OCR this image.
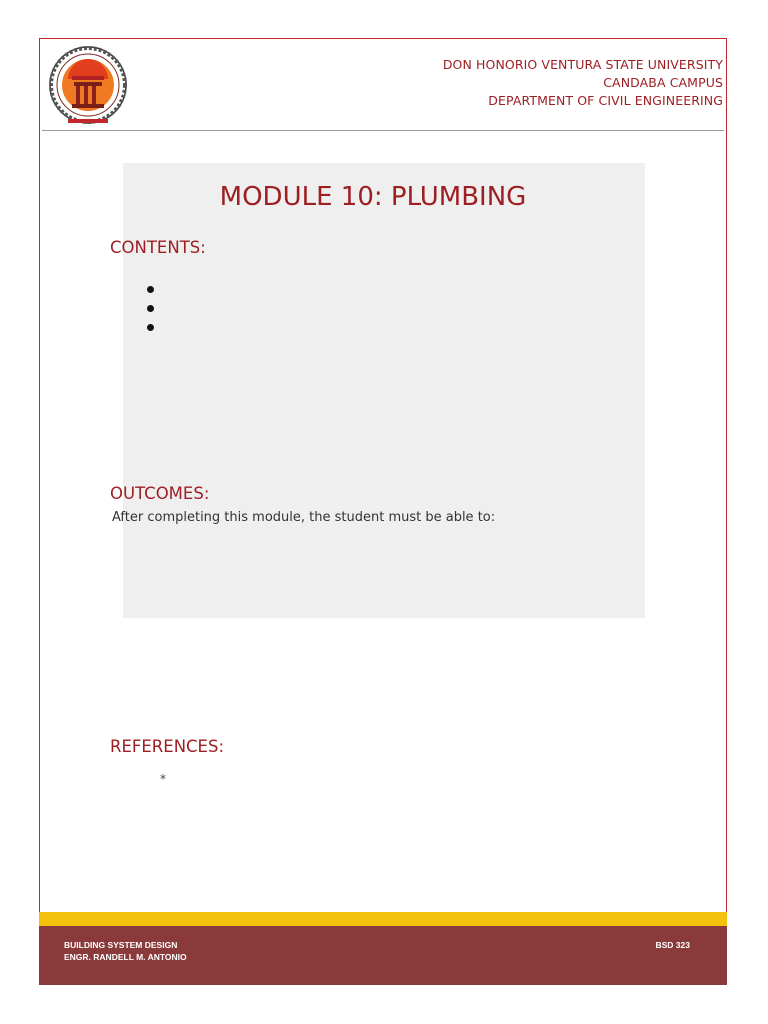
DON HONORIO VENTURA STATE UNIVERSITY
CANDABA CAMPUS
DEPARTMENT OF CIVIL ENGINEERING
MODULE 10: PLUMBING
CONTENTS:
OUTCOMES:
After completing this module, the student must be able to:
REFERENCES:
*
BUILDING SYSTEM DESIGN
ENGR. RANDELL M. ANTONIO
BSD 323
